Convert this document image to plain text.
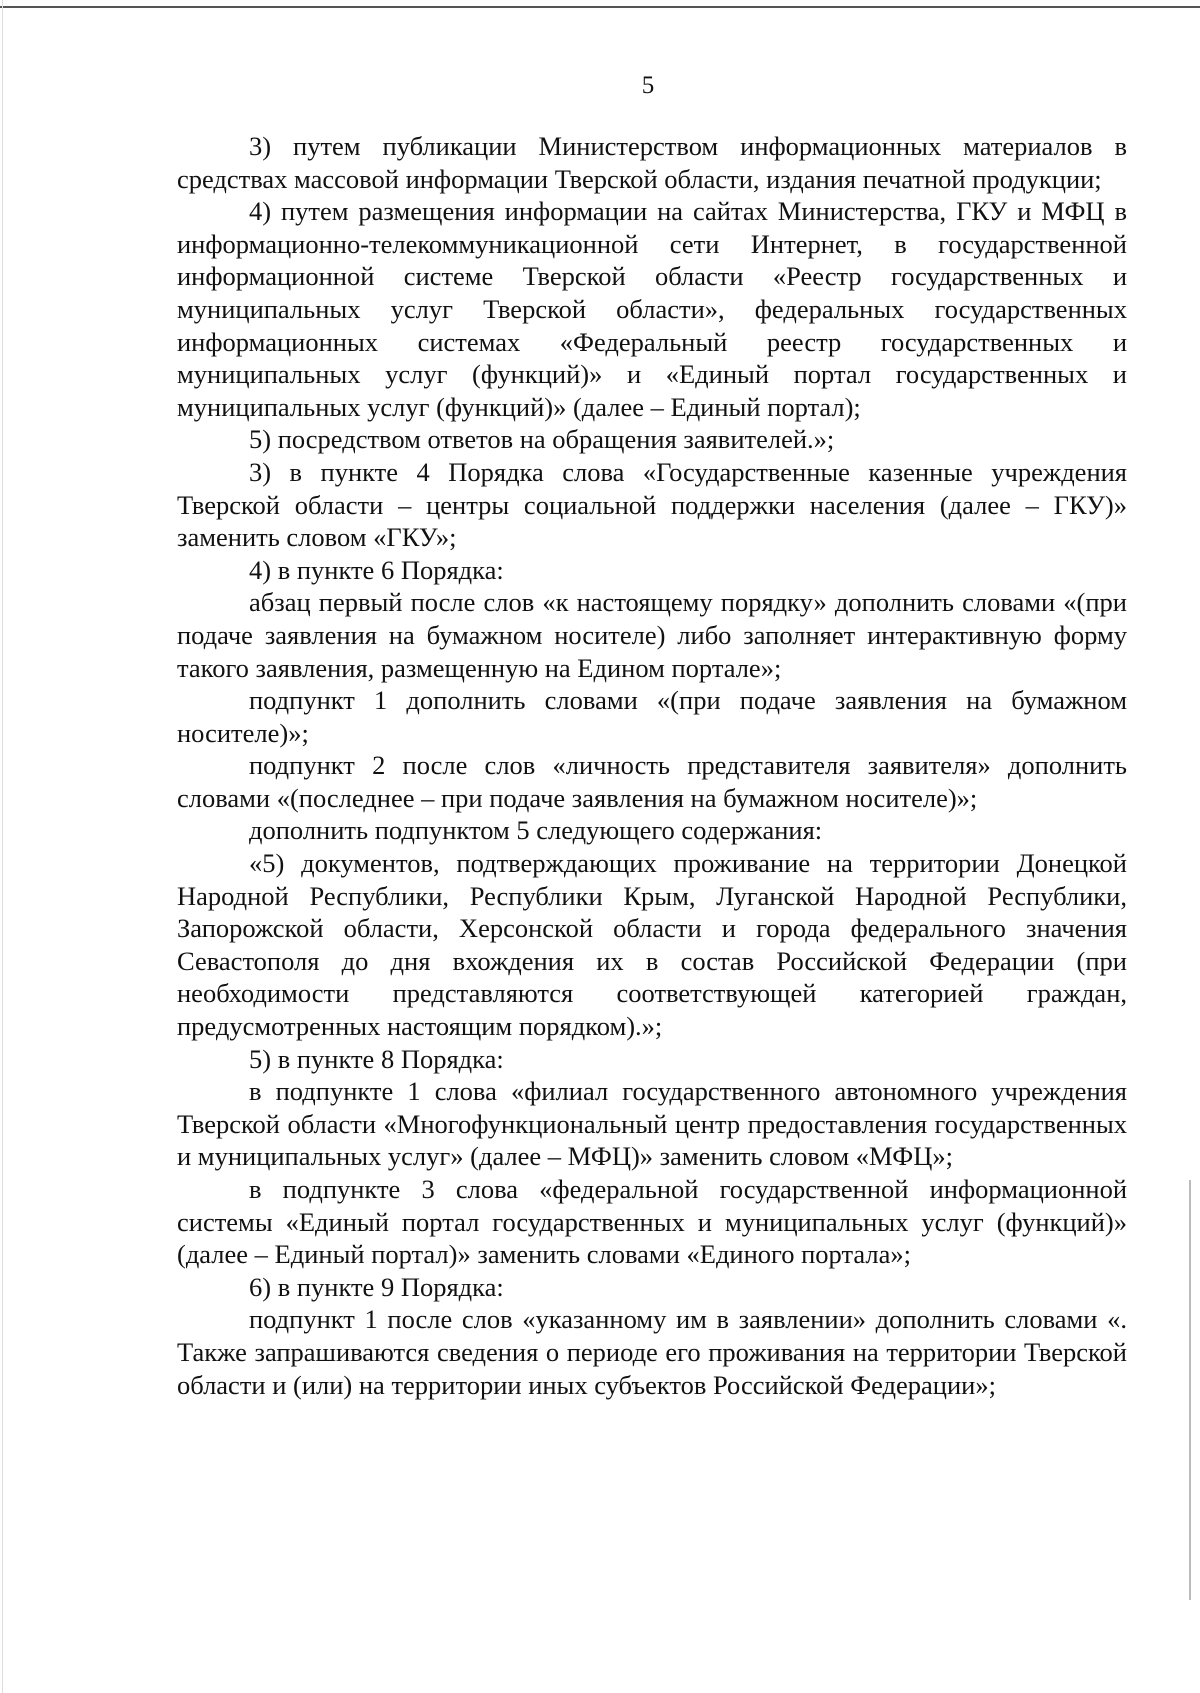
5

3) путем публикации Министерством информационных материалов в средствах массовой информации Тверской области, издания печатной продукции;

4) путем размещения информации на сайтах Министерства, ГКУ и МФЦ в информационно-телекоммуникационной сети Интернет, в государственной информационной системе Тверской области «Реестр государственных и муниципальных услуг Тверской области», федеральных государственных информационных системах «Федеральный реестр государственных и муниципальных услуг (функций)» и «Единый портал государственных и муниципальных услуг (функций)» (далее – Единый портал);

5) посредством ответов на обращения заявителей.»;

3) в пункте 4 Порядка слова «Государственные казенные учреждения Тверской области – центры социальной поддержки населения (далее – ГКУ)» заменить словом «ГКУ»;

4) в пункте 6 Порядка:

абзац первый после слов «к настоящему порядку» дополнить словами «(при подаче заявления на бумажном носителе) либо заполняет интерактивную форму такого заявления, размещенную на Едином портале»;

подпункт 1 дополнить словами «(при подаче заявления на бумажном носителе)»;

подпункт 2 после слов «личность представителя заявителя» дополнить словами «(последнее – при подаче заявления на бумажном носителе)»;

дополнить подпунктом 5 следующего содержания:

«5) документов, подтверждающих проживание на территории Донецкой Народной Республики, Республики Крым, Луганской Народной Республики, Запорожской области, Херсонской области и города федерального значения Севастополя до дня вхождения их в состав Российской Федерации (при необходимости представляются соответствующей категорией граждан, предусмотренных настоящим порядком).»;

5) в пункте 8 Порядка:

в подпункте 1 слова «филиал государственного автономного учреждения Тверской области «Многофункциональный центр предоставления государственных и муниципальных услуг» (далее – МФЦ)» заменить словом «МФЦ»;

в подпункте 3 слова «федеральной государственной информационной системы «Единый портал государственных и муниципальных услуг (функций)» (далее – Единый портал)» заменить словами «Единого портала»;

6) в пункте 9 Порядка:

подпункт 1 после слов «указанному им в заявлении» дополнить словами «. Также запрашиваются сведения о периоде его проживания на территории Тверской области и (или) на территории иных субъектов Российской Федерации»;
